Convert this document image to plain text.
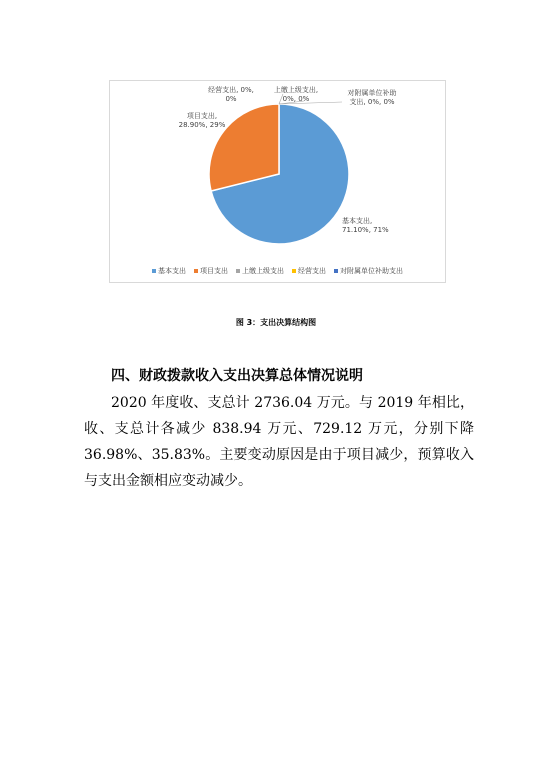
基本支出,
71.10%, 71%
项目支出,
28.90%, 29%
上缴上级支出,
0%, 0%
经营支出, 0%,
0%
对附属单位补助
支出, 0%, 0%
基本支出 项目支出 上缴上级支出 经营支出 对附属单位补助支出
图 3：支出决算结构图
四、财政拨款收入支出决算总体情况说明
2020 年度收、支总计 2736.04 万元。与 2019 年相比，
收、支总计各减少 838.94 万元、729.12 万元，分别下降
36.98%、35.83%。主要变动原因是由于项目减少，预算收入
与支出金额相应变动减少。
